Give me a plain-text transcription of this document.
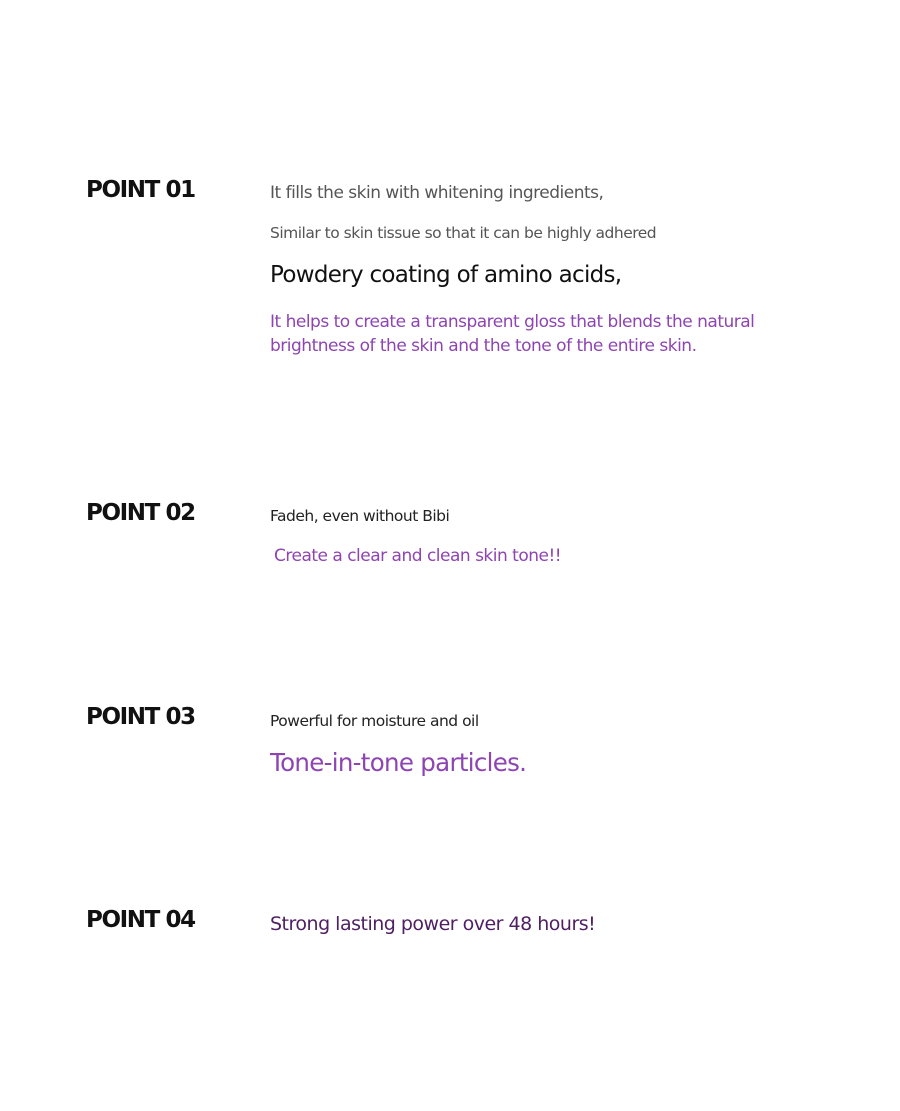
POINT 01	It fills the skin with whitening ingredients,
Similar to skin tissue so that it can be highly adhered
Powdery coating of amino acids,
It helps to create a transparent gloss that blends the natural brightness of the skin and the tone of the entire skin.
POINT 02	Fadeh, even without Bibi
Create a clear and clean skin tone!!
POINT 03	Powerful for moisture and oil
Tone-in-tone particles.
POINT 04	Strong lasting power over 48 hours!
